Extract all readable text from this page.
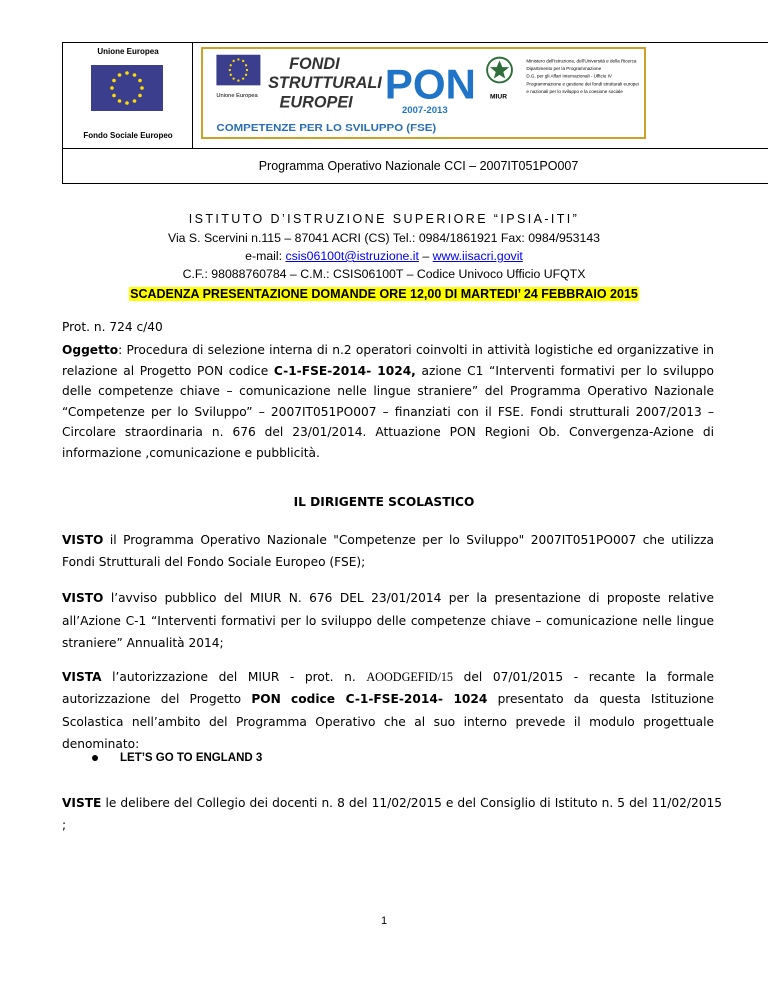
Unione Europea
Fondo Sociale Europeo
Unione Europea
FONDI
STRUTTURALI
EUROPEI PON
2007-2013
MIUR
COMPETENZE PER LO SVILUPPO (FSE)
Ministero dell'Istruzione, dell'Università e della Ricerca
Dipartimento per la Programmazione
D.G. per gli Affari Internazionali - Ufficio IV
Programmazione e gestione dei fondi strutturali europei
e nazionali per lo sviluppo e la coesione sociale
Programma Operativo Nazionale CCI – 2007IT051PO007
ISTITUTO D’ISTRUZIONE SUPERIORE “IPSIA-ITI”
Via S. Scervini n.115 – 87041 ACRI (CS) Tel.: 0984/1861921 Fax: 0984/953143
e-mail: csis06100t@istruzione.it – www.iisacri.govit
C.F.: 98088760784 – C.M.: CSIS06100T – Codice Univoco Ufficio UFQTX
SCADENZA PRESENTAZIONE DOMANDE ORE 12,00 DI MARTEDI’ 24 FEBBRAIO 2015
Prot. n. 724 c/40
Oggetto: Procedura di selezione interna di n.2 operatori coinvolti in attività logistiche ed organizzative in relazione al Progetto PON codice C-1-FSE-2014- 1024, azione C1 “Interventi formativi per lo sviluppo delle competenze chiave – comunicazione nelle lingue straniere” del Programma Operativo Nazionale “Competenze per lo Sviluppo” – 2007IT051PO007 – finanziati con il FSE. Fondi strutturali 2007/2013 – Circolare straordinaria n. 676 del 23/01/2014. Attuazione PON Regioni Ob. Convergenza-Azione di informazione ,comunicazione e pubblicità.
IL DIRIGENTE SCOLASTICO
VISTO il Programma Operativo Nazionale "Competenze per lo Sviluppo" 2007IT051PO007 che utilizza Fondi Strutturali del Fondo Sociale Europeo (FSE);
VISTO l’avviso pubblico del MIUR N. 676 DEL 23/01/2014 per la presentazione di proposte relative all’Azione C-1 “Interventi formativi per lo sviluppo delle competenze chiave – comunicazione nelle lingue straniere” Annualità 2014;
VISTA l’autorizzazione del MIUR - prot. n. AOODGEFID/15 del 07/01/2015 - recante la formale autorizzazione del Progetto PON codice C-1-FSE-2014- 1024 presentato da questa Istituzione Scolastica nell’ambito del Programma Operativo che al suo interno prevede il modulo progettuale denominato:
LET’S GO TO ENGLAND 3
VISTE le delibere del Collegio dei docenti n. 8 del 11/02/2015 e del Consiglio di Istituto n. 5 del 11/02/2015 ;
1
